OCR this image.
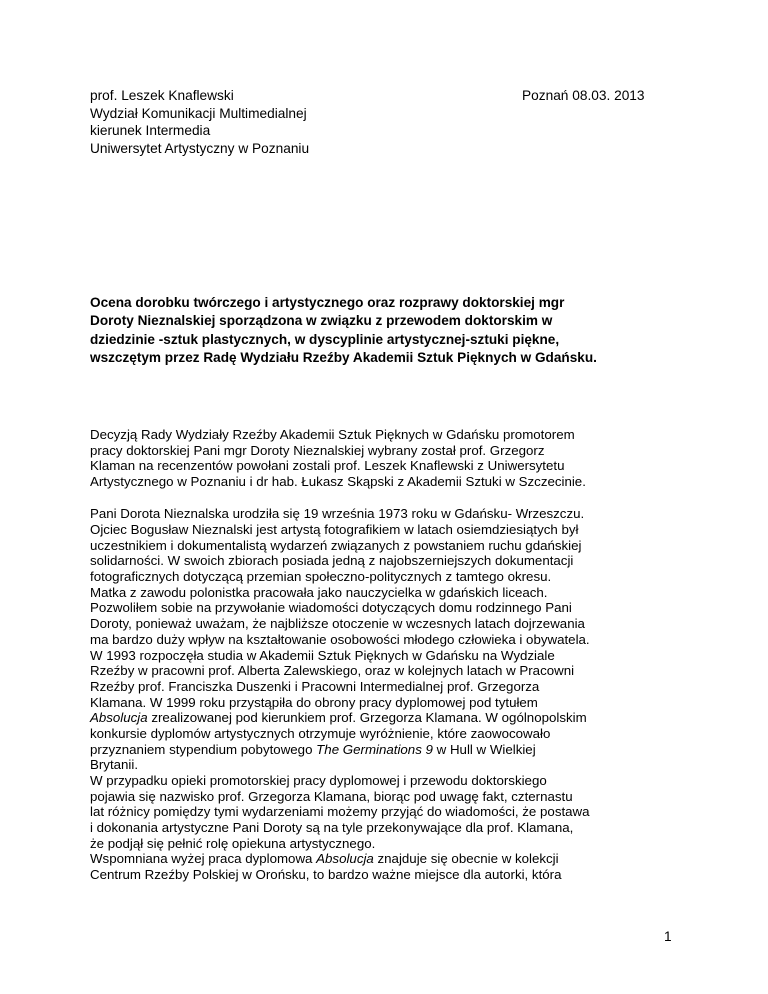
prof. Leszek Knaflewski
Wydział Komunikacji Multimedialnej
kierunek Intermedia
Uniwersytet Artystyczny w Poznaniu
Poznań 08.03. 2013
Ocena dorobku twórczego i artystycznego oraz rozprawy doktorskiej mgr
Doroty Nieznalskiej sporządzona w związku z przewodem doktorskim w
dziedzinie -sztuk plastycznych, w dyscyplinie artystycznej-sztuki piękne,
wszczętym przez Radę Wydziału Rzeźby Akademii Sztuk Pięknych w Gdańsku.
Decyzją Rady Wydziały Rzeźby Akademii Sztuk Pięknych w Gdańsku promotorem
pracy doktorskiej Pani mgr Doroty Nieznalskiej wybrany został prof. Grzegorz
Klaman na recenzentów powołani zostali prof. Leszek Knaflewski z Uniwersytetu
Artystycznego w Poznaniu i dr hab. Łukasz Skąpski z Akademii Sztuki w Szczecinie.
Pani Dorota Nieznalska urodziła się 19 września 1973 roku w Gdańsku- Wrzeszczu.
Ojciec Bogusław Nieznalski jest artystą fotografikiem w latach osiemdziesiątych był
uczestnikiem i dokumentalistą wydarzeń związanych z powstaniem ruchu gdańskiej
solidarności. W swoich zbiorach posiada jedną z najobszerniejszych dokumentacji
fotograficznych dotyczącą przemian społeczno-politycznych z tamtego okresu.
Matka z zawodu polonistka pracowała jako nauczycielka w gdańskich liceach.
Pozwoliłem sobie na przywołanie wiadomości dotyczących domu rodzinnego Pani
Doroty, ponieważ uważam, że najbliższe otoczenie w wczesnych latach dojrzewania
ma bardzo duży wpływ na kształtowanie osobowości młodego człowieka i obywatela.
W 1993 rozpoczęła studia w Akademii Sztuk Pięknych w Gdańsku na Wydziale
Rzeźby w pracowni prof. Alberta Zalewskiego, oraz w kolejnych latach w Pracowni
Rzeźby prof. Franciszka Duszenki i Pracowni Intermedialnej prof. Grzegorza
Klamana. W 1999 roku przystąpiła do obrony pracy dyplomowej pod tytułem
Absolucja zrealizowanej pod kierunkiem prof. Grzegorza Klamana. W ogólnopolskim
konkursie dyplomów artystycznych otrzymuje wyróżnienie, które zaowocowało
przyznaniem stypendium pobytowego The Germinations 9 w Hull w Wielkiej
Brytanii.
W przypadku opieki promotorskiej pracy dyplomowej i przewodu doktorskiego
pojawia się nazwisko prof. Grzegorza Klamana, biorąc pod uwagę fakt, czternastu
lat różnicy pomiędzy tymi wydarzeniami możemy przyjąć do wiadomości, że postawa
i dokonania artystyczne Pani Doroty są na tyle przekonywające dla prof. Klamana,
że podjął się pełnić rolę opiekuna artystycznego.
Wspomniana wyżej praca dyplomowa Absolucja znajduje się obecnie w kolekcji
Centrum Rzeźby Polskiej w Orońsku, to bardzo ważne miejsce dla autorki, która
1
